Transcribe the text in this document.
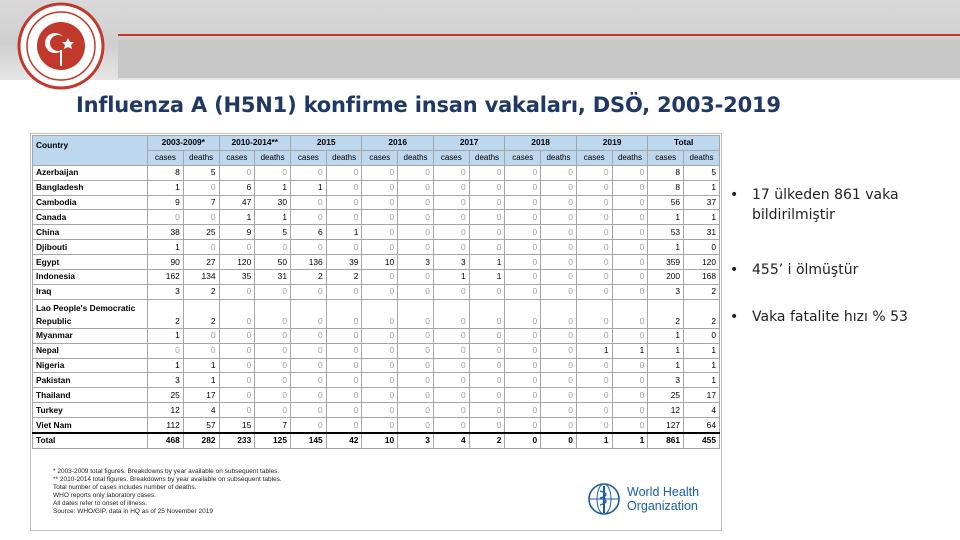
Influenza A (H5N1) konfirme insan vakaları, DSÖ, 2003-2019
Country	2003-2009*		2010-2014**		2015		2016		2017		2018		2019		Total	
	cases	deaths	cases	deaths	cases	deaths	cases	deaths	cases	deaths	cases	deaths	cases	deaths	cases	deaths
Azerbaijan	8	5	0	0	0	0	0	0	0	0	0	0	0	0	8	5
Bangladesh	1	0	6	1	1	0	0	0	0	0	0	0	0	0	8	1
Cambodia	9	7	47	30	0	0	0	0	0	0	0	0	0	0	56	37
Canada	0	0	1	1	0	0	0	0	0	0	0	0	0	0	1	1
China	38	25	9	5	6	1	0	0	0	0	0	0	0	0	53	31
Djibouti	1	0	0	0	0	0	0	0	0	0	0	0	0	0	1	0
Egypt	90	27	120	50	136	39	10	3	3	1	0	0	0	0	359	120
Indonesia	162	134	35	31	2	2	0	0	1	1	0	0	0	0	200	168
Iraq	3	2	0	0	0	0	0	0	0	0	0	0	0	0	3	2
Lao People's Democratic Republic	2	2	0	0	0	0	0	0	0	0	0	0	0	0	2	2
Myanmar	1	0	0	0	0	0	0	0	0	0	0	0	0	0	1	0
Nepal	0	0	0	0	0	0	0	0	0	0	0	0	1	1	1	1
Nigeria	1	1	0	0	0	0	0	0	0	0	0	0	0	0	1	1
Pakistan	3	1	0	0	0	0	0	0	0	0	0	0	0	0	3	1
Thailand	25	17	0	0	0	0	0	0	0	0	0	0	0	0	25	17
Turkey	12	4	0	0	0	0	0	0	0	0	0	0	0	0	12	4
Viet Nam	112	57	15	7	0	0	0	0	0	0	0	0	0	0	127	64
Total	468	282	233	125	145	42	10	3	4	2	0	0	1	1	861	455
* 2003-2009 total figures. Breakdowns by year available on subsequent tables.
** 2010-2014 total figures. Breakdowns by year available on subsequent tables.
Total number of cases includes number of deaths.
WHO reports only laboratory cases.
All dates refer to onset of illness.
Source: WHO/GIP, data in HQ as of 25 November 2019
World Health
Organization
• 17 ülkeden 861 vaka bildirilmiştir
• 455’ i ölmüştür
• Vaka fatalite hızı % 53
